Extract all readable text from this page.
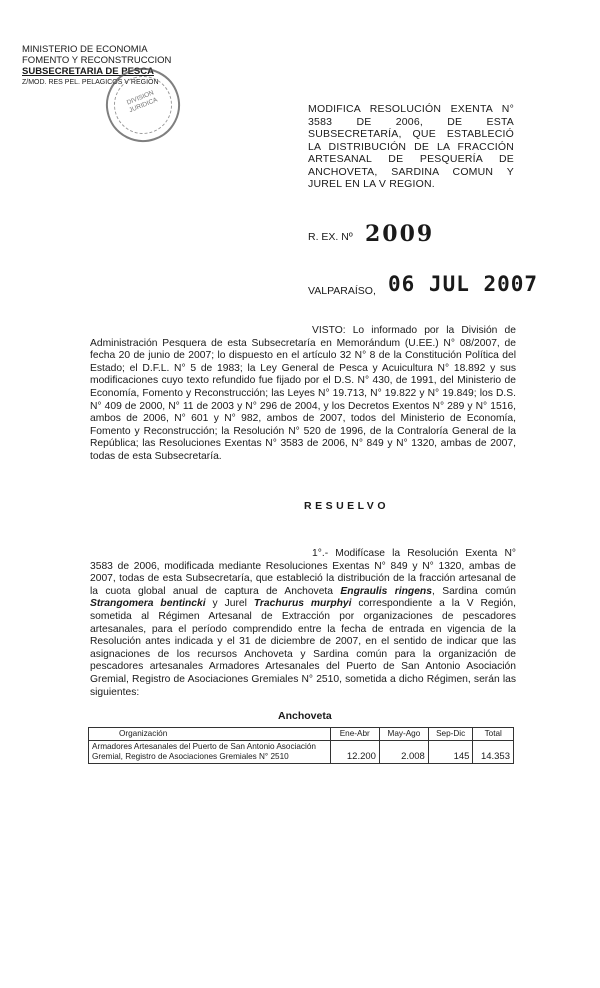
MINISTERIO DE ECONOMIA
FOMENTO Y RECONSTRUCCION
SUBSECRETARIA DE PESCA
Z/MOD. RES PEL. PELAGICOS V REGION
DIVISION JURIDICA	MODIFICA RESOLUCIÓN EXENTA N° 3583 DE 2006, DE ESTA SUBSECRETARÍA, QUE ESTABLECIÓ LA DISTRIBUCIÓN DE LA FRACCIÓN ARTESANAL DE PESQUERÍA DE ANCHOVETA, SARDINA COMUN Y JUREL EN LA V REGION.
R. EX. Nº 2009
VALPARAÍSO, 06 JUL 2007
VISTO: Lo informado por la División de Administración Pesquera de esta Subsecretaría en Memorándum (U.EE.) N° 08/2007, de fecha 20 de junio de 2007; lo dispuesto en el artículo 32 N° 8 de la Constitución Política del Estado; el D.F.L. N° 5 de 1983; la Ley General de Pesca y Acuicultura N° 18.892 y sus modificaciones cuyo texto refundido fue fijado por el D.S. N° 430, de 1991, del Ministerio de Economía, Fomento y Reconstrucción; las Leyes N° 19.713, N° 19.822 y N° 19.849; los D.S. N° 409 de 2000, N° 11 de 2003 y N° 296 de 2004, y los Decretos Exentos N° 289 y N° 1516, ambos de 2006, N° 601 y N° 982, ambos de 2007, todos del Ministerio de Economía, Fomento y Reconstrucción; la Resolución N° 520 de 1996, de la Contraloría General de la República; las Resoluciones Exentas N° 3583 de 2006, N° 849 y N° 1320, ambas de 2007, todas de esta Subsecretaría.
RESUELVO
1°.- Modifícase la Resolución Exenta N° 3583 de 2006, modificada mediante Resoluciones Exentas N° 849 y N° 1320, ambas de 2007, todas de esta Subsecretaría, que estableció la distribución de la fracción artesanal de la cuota global anual de captura de Anchoveta Engraulis ringens, Sardina común Strangomera bentincki y Jurel Trachurus murphyi correspondiente a la V Región, sometida al Régimen Artesanal de Extracción por organizaciones de pescadores artesanales, para el período comprendido entre la fecha de entrada en vigencia de la Resolución antes indicada y el 31 de diciembre de 2007, en el sentido de indicar que las asignaciones de los recursos Anchoveta y Sardina común para la organización de pescadores artesanales Armadores Artesanales del Puerto de San Antonio Asociación Gremial, Registro de Asociaciones Gremiales N° 2510, sometida a dicho Régimen, serán las siguientes:
Anchoveta
Organización	Ene-Abr	May-Ago	Sep-Dic	Total
Armadores Artesanales del Puerto de San Antonio Asociación Gremial, Registro de Asociaciones Gremiales N° 2510	12.200	2.008	145	14.353
